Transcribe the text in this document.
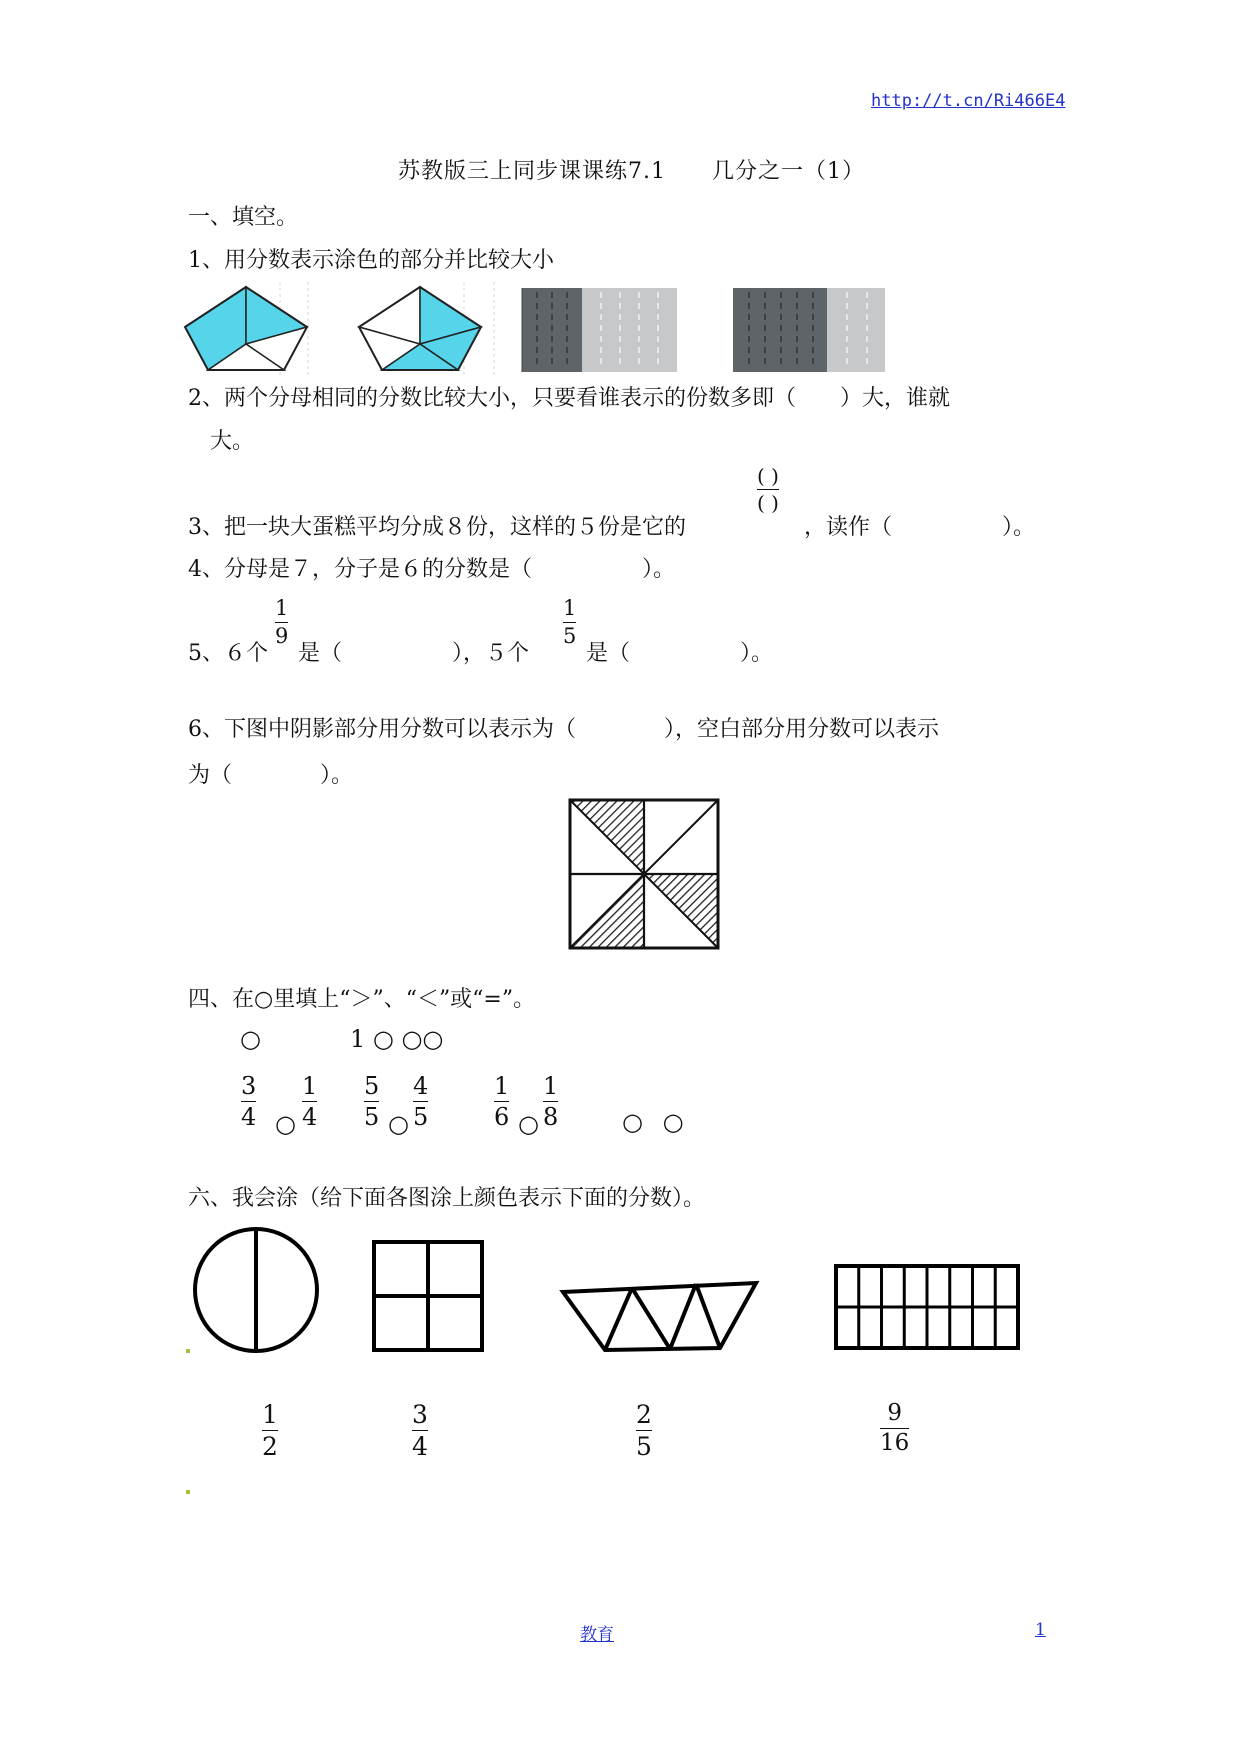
http://t.cn/Ri466E4
苏教版三上同步课课练7.1　　几分之一（1）
一、填空。
1、用分数表示涂色的部分并比较大小
2、两个分母相同的分数比较大小，只要看谁表示的份数多即（　　）大，谁就
大。
3、把一块大蛋糕平均分成８份，这样的５份是它的
( )
( )
，读作（　　　　　）。
4、分母是７，分子是６的分数是（　　　　　）。
5、６个
1
9
是（　　　　　），５个
1
5
是（　　　　　）。
6、下图中阴影部分用分数可以表示为（　　　　），空白部分用分数可以表示
为（　　　　）。
四、在○里填上“＞”、“＜”或“=”。
○	1 ○ ○○
3
4 ○
1
4
5
5 ○
4
5
1
6 ○
1
8	○ ○
六、我会涂（给下面各图涂上颜色表示下面的分数）。
1
2
3
4
2
5
9
16
教育	1
